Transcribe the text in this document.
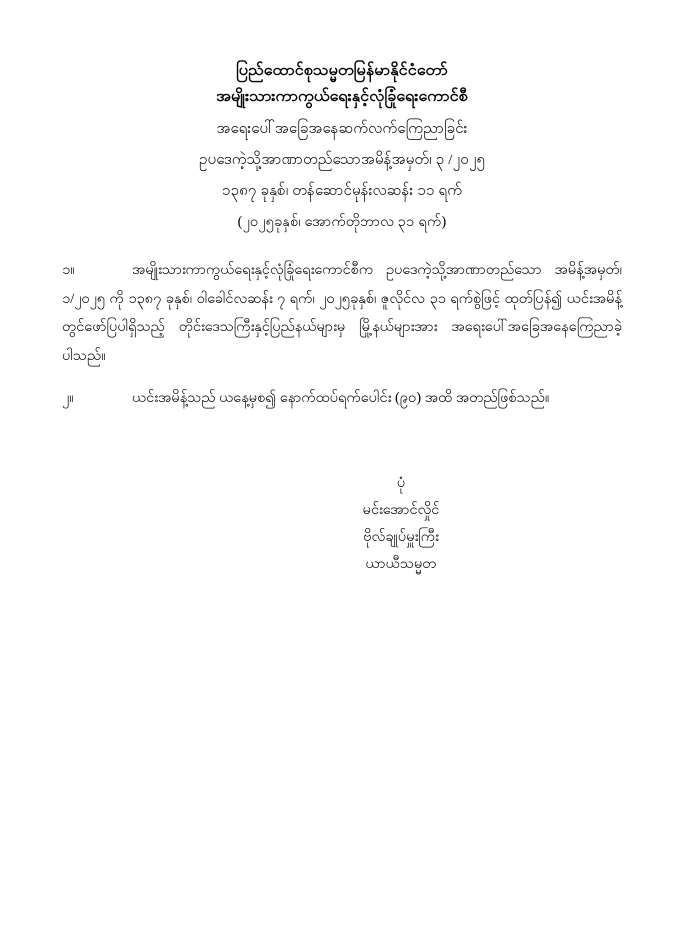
ပြည်ထောင်စုသမ္မတမြန်မာနိုင်ငံတော်
အမျိုးသားကာကွယ်ရေးနှင့်လုံခြုံရေးကောင်စီ
အရေးပေါ်အခြေအနေဆက်လက်ကြေညာခြင်း
ဥပဒေကဲ့သို့အာဏာတည်သောအမိန့်အမှတ်၊ ၃ /၂၀၂၅
၁၃၈၇ ခုနှစ်၊ တန်ဆောင်မုန်းလဆန်း ၁၁ ရက်
(၂၀၂၅ခုနှစ်၊ အောက်တိုဘာလ ၃၁ ရက်)
၁။	အမျိုးသားကာကွယ်ရေးနှင့်လုံခြုံရေးကောင်စီက ဥပဒေကဲ့သို့အာဏာတည်သော အမိန့်အမှတ်၊ ၁/၂၀၂၅ ကို ၁၃၈၇ ခုနှစ်၊ ဝါခေါင်လဆန်း ၇ ရက်၊ ၂၀၂၅ခုနှစ်၊ ဇူလိုင်လ ၃၁ ရက်စွဲဖြင့် ထုတ်ပြန်၍ ယင်းအမိန့်တွင်ဖော်ပြပါရှိသည့် တိုင်းဒေသကြီးနှင့်ပြည်နယ်များမှ မြို့နယ်များအား အရေးပေါ်အခြေအနေကြေညာခဲ့ပါသည်။
၂။	ယင်းအမိန့်သည် ယနေ့မှစ၍ နောက်ထပ်ရက်ပေါင်း (၉၀) အထိ အတည်ဖြစ်သည်။
ပုံ
မင်းအောင်လှိုင်
ဗိုလ်ချုပ်မှူးကြီး
ယာယီသမ္မတ
